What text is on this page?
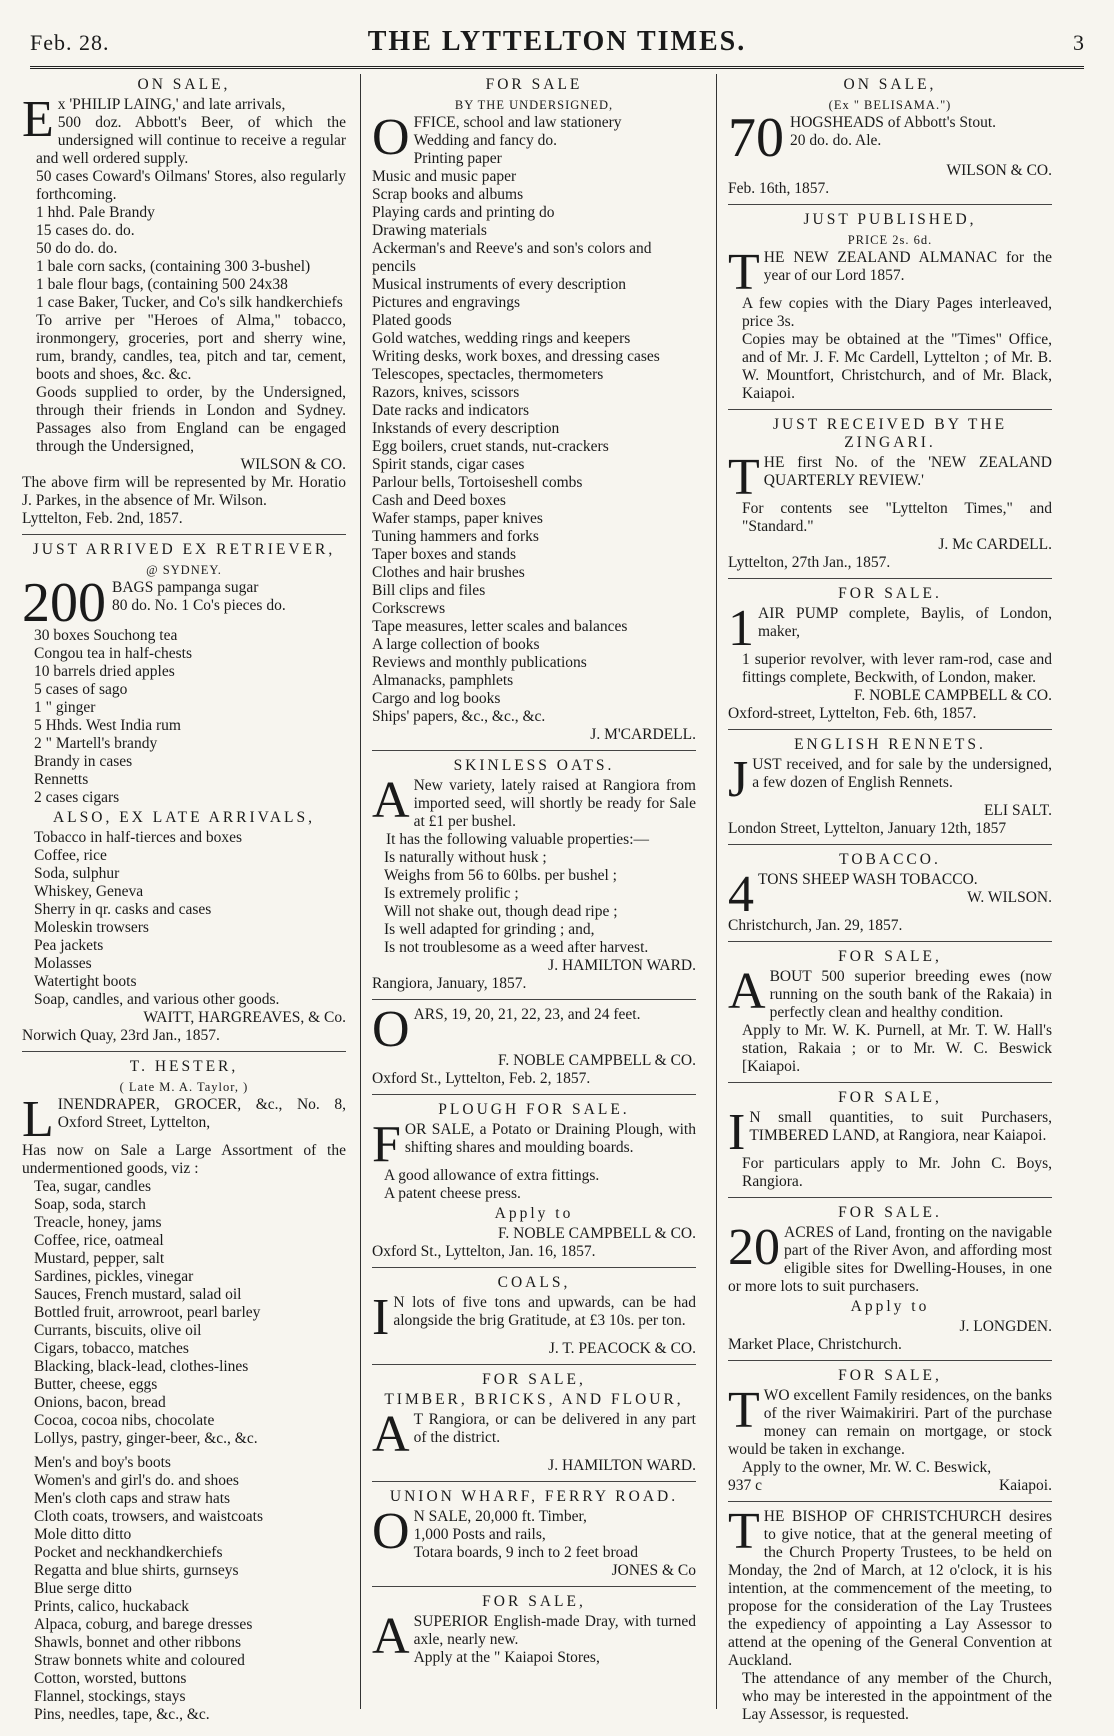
Feb. 28.	THE LYTTELTON TIMES.	3
ON SALE,

Ex 'PHILIP LAING,' and late arrivals,

500 doz. Abbott's Beer, of which the undersigned will continue to receive a regular and well ordered supply.

50 cases Coward's Oilmans' Stores, also regularly forthcoming.

1 hhd. Pale Brandy

15 cases do. do.

50 do do. do.

1 bale corn sacks, (containing 300 3-bushel)

1 bale flour bags, (containing 500 24x38

1 case Baker, Tucker, and Co's silk handkerchiefs

To arrive per "Heroes of Alma," tobacco, ironmongery, groceries, port and sherry wine, rum, brandy, candles, tea, pitch and tar, cement, boots and shoes, &c. &c.

Goods supplied to order, by the Undersigned, through their friends in London and Sydney. Passages also from England can be engaged through the Undersigned,

WILSON & CO.

The above firm will be represented by Mr. Horatio J. Parkes, in the absence of Mr. Wilson.

Lyttelton, Feb. 2nd, 1857.

JUST ARRIVED EX RETRIEVER,
@ SYDNEY.
200 BAGS pampanga sugar

80 do. No. 1 Co's pieces do.

30 boxes Souchong tea
Congou tea in half-chests
10 barrels dried apples
5 cases of sago
1 " ginger
5 Hhds. West India rum
2 " Martell's brandy
Brandy in cases
Rennetts
2 cases cigars
ALSO, EX LATE ARRIVALS,
Tobacco in half-tierces and boxes
Coffee, rice
Soda, sulphur
Whiskey, Geneva
Sherry in qr. casks and cases
Moleskin trowsers
Pea jackets
Molasses
Watertight boots
Soap, candles, and various other goods.

WAITT, HARGREAVES, & Co.

Norwich Quay, 23rd Jan., 1857.

T. HESTER,
( Late M. A. Taylor, )

LINENDRAPER, GROCER, &c., No. 8, Oxford Street, Lyttelton,

Has now on Sale a Large Assortment of the undermentioned goods, viz :

Tea, sugar, candles
Soap, soda, starch
Treacle, honey, jams
Coffee, rice, oatmeal
Mustard, pepper, salt
Sardines, pickles, vinegar
Sauces, French mustard, salad oil
Bottled fruit, arrowroot, pearl barley
Currants, biscuits, olive oil
Cigars, tobacco, matches
Blacking, black-lead, clothes-lines
Butter, cheese, eggs
Onions, bacon, bread
Cocoa, cocoa nibs, chocolate
Lollys, pastry, ginger-beer, &c., &c.
Men's and boy's boots
Women's and girl's do. and shoes
Men's cloth caps and straw hats
Cloth coats, trowsers, and waistcoats
Mole ditto ditto
Pocket and neckhandkerchiefs
Regatta and blue shirts, gurnseys
Blue serge ditto
Prints, calico, huckaback
Alpaca, coburg, and barege dresses
Shawls, bonnet and other ribbons
Straw bonnets white and coloured
Cotton, worsted, buttons
Flannel, stockings, stays
Pins, needles, tape, &c., &c.
FOR SALE
BY THE UNDERSIGNED,
O FFICE, school and law stationery

Wedding and fancy do.

Printing paper

Music and music paper

Scrap books and albums

Playing cards and printing do

Drawing materials

Ackerman's and Reeve's and son's colors and pencils

Musical instruments of every description

Pictures and engravings

Plated goods

Gold watches, wedding rings and keepers

Writing desks, work boxes, and dressing cases

Telescopes, spectacles, thermometers

Razors, knives, scissors

Date racks and indicators

Inkstands of every description

Egg boilers, cruet stands, nut-crackers

Spirit stands, cigar cases

Parlour bells, Tortoiseshell combs

Cash and Deed boxes

Wafer stamps, paper knives

Tuning hammers and forks

Taper boxes and stands

Clothes and hair brushes

Bill clips and files

Corkscrews

Tape measures, letter scales and balances

A large collection of books

Reviews and monthly publications

Almanacks, pamphlets

Cargo and log books

Ships' papers, &c., &c., &c.

J. M'CARDELL.

SKINLESS OATS.

A New variety, lately raised at Rangiora from imported seed, will shortly be ready for Sale at £1 per bushel.

It has the following valuable properties:—

Is naturally without husk ;
Weighs from 56 to 60lbs. per bushel ;
Is extremely prolific ;
Will not shake out, though dead ripe ;
Is well adapted for grinding ; and,
Is not troublesome as a weed after harvest.

J. HAMILTON WARD.

Rangiora, January, 1857.

OARS, 19, 20, 21, 22, 23, and 24 feet.

F. NOBLE CAMPBELL & CO.

Oxford St., Lyttelton, Feb. 2, 1857.

PLOUGH FOR SALE.

FOR SALE, a Potato or Draining Plough, with shifting shares and moulding boards.

A good allowance of extra fittings.
A patent cheese press.

Apply to

F. NOBLE CAMPBELL & CO.

Oxford St., Lyttelton, Jan. 16, 1857.

COALS,

I N lots of five tons and upwards, can be had alongside the brig Gratitude, at £3 10s. per ton.

J. T. PEACOCK & CO.

FOR SALE,
TIMBER, BRICKS, AND FLOUR,

A T Rangiora, or can be delivered in any part of the district.

J. HAMILTON WARD.

UNION WHARF, FERRY ROAD.
O N SALE, 20,000 ft. Timber,

1,000 Posts and rails,

Totara boards, 9 inch to 2 feet broad

JONES & Co

FOR SALE,

ASUPERIOR English-made Dray, with turned axle, nearly new.

Apply at the " Kaiapoi Stores,

ON SALE,
(Ex " BELISAMA.")
70 HOGSHEADS of Abbott's Stout.

20 do. do. Ale.

WILSON & CO.

Feb. 16th, 1857.

JUST PUBLISHED,
PRICE 2s. 6d.

THE NEW ZEALAND ALMANAC for the year of our Lord 1857.

A few copies with the Diary Pages interleaved, price 3s.

Copies may be obtained at the "Times" Office, and of Mr. J. F. Mc Cardell, Lyttelton ; of Mr. B. W. Mountfort, Christchurch, and of Mr. Black, Kaiapoi.

JUST RECEIVED BY THE ZINGARI.

THE first No. of the 'NEW ZEALAND QUARTERLY REVIEW.'

For contents see "Lyttelton Times," and "Standard."

J. Mc CARDELL.

Lyttelton, 27th Jan., 1857.

FOR SALE.

1 AIR PUMP complete, Baylis, of London, maker,

1 superior revolver, with lever ram-rod, case and fittings complete, Beckwith, of London, maker.

F. NOBLE CAMPBELL & CO.

Oxford-street, Lyttelton, Feb. 6th, 1857.

ENGLISH RENNETS.

JUST received, and for sale by the undersigned, a few dozen of English Rennets.

ELI SALT.

London Street, Lyttelton, January 12th, 1857

TOBACCO.

4 TONS SHEEP WASH TOBACCO.

W. WILSON.

Christchurch, Jan. 29, 1857.

FOR SALE,

ABOUT 500 superior breeding ewes (now running on the south bank of the Rakaia) in perfectly clean and healthy condition.

Apply to Mr. W. K. Purnell, at Mr. T. W. Hall's station, Rakaia ; or to Mr. W. C. Beswick [Kaiapoi.

FOR SALE,

I N small quantities, to suit Purchasers, TIMBERED LAND, at Rangiora, near Kaiapoi.

For particulars apply to Mr. John C. Boys, Rangiora.

FOR SALE.

20 ACRES of Land, fronting on the navigable part of the River Avon, and affording most eligible sites for Dwelling-Houses, in one or more lots to suit purchasers.

Apply to

J. LONGDEN.

Market Place, Christchurch.

FOR SALE,

TWO excellent Family residences, on the banks of the river Waimakiriri. Part of the purchase money can remain on mortgage, or stock would be taken in exchange.

Apply to the owner, Mr. W. C. Beswick,

937 c	Kaiapoi.

THE BISHOP OF CHRISTCHURCH desires to give notice, that at the general meeting of the Church Property Trustees, to be held on Monday, the 2nd of March, at 12 o'clock, it is his intention, at the commencement of the meeting, to propose for the consideration of the Lay Trustees the expediency of appointing a Lay Assessor to attend at the opening of the General Convention at Auckland.

The attendance of any member of the Church, who may be interested in the appointment of the Lay Assessor, is requested.
